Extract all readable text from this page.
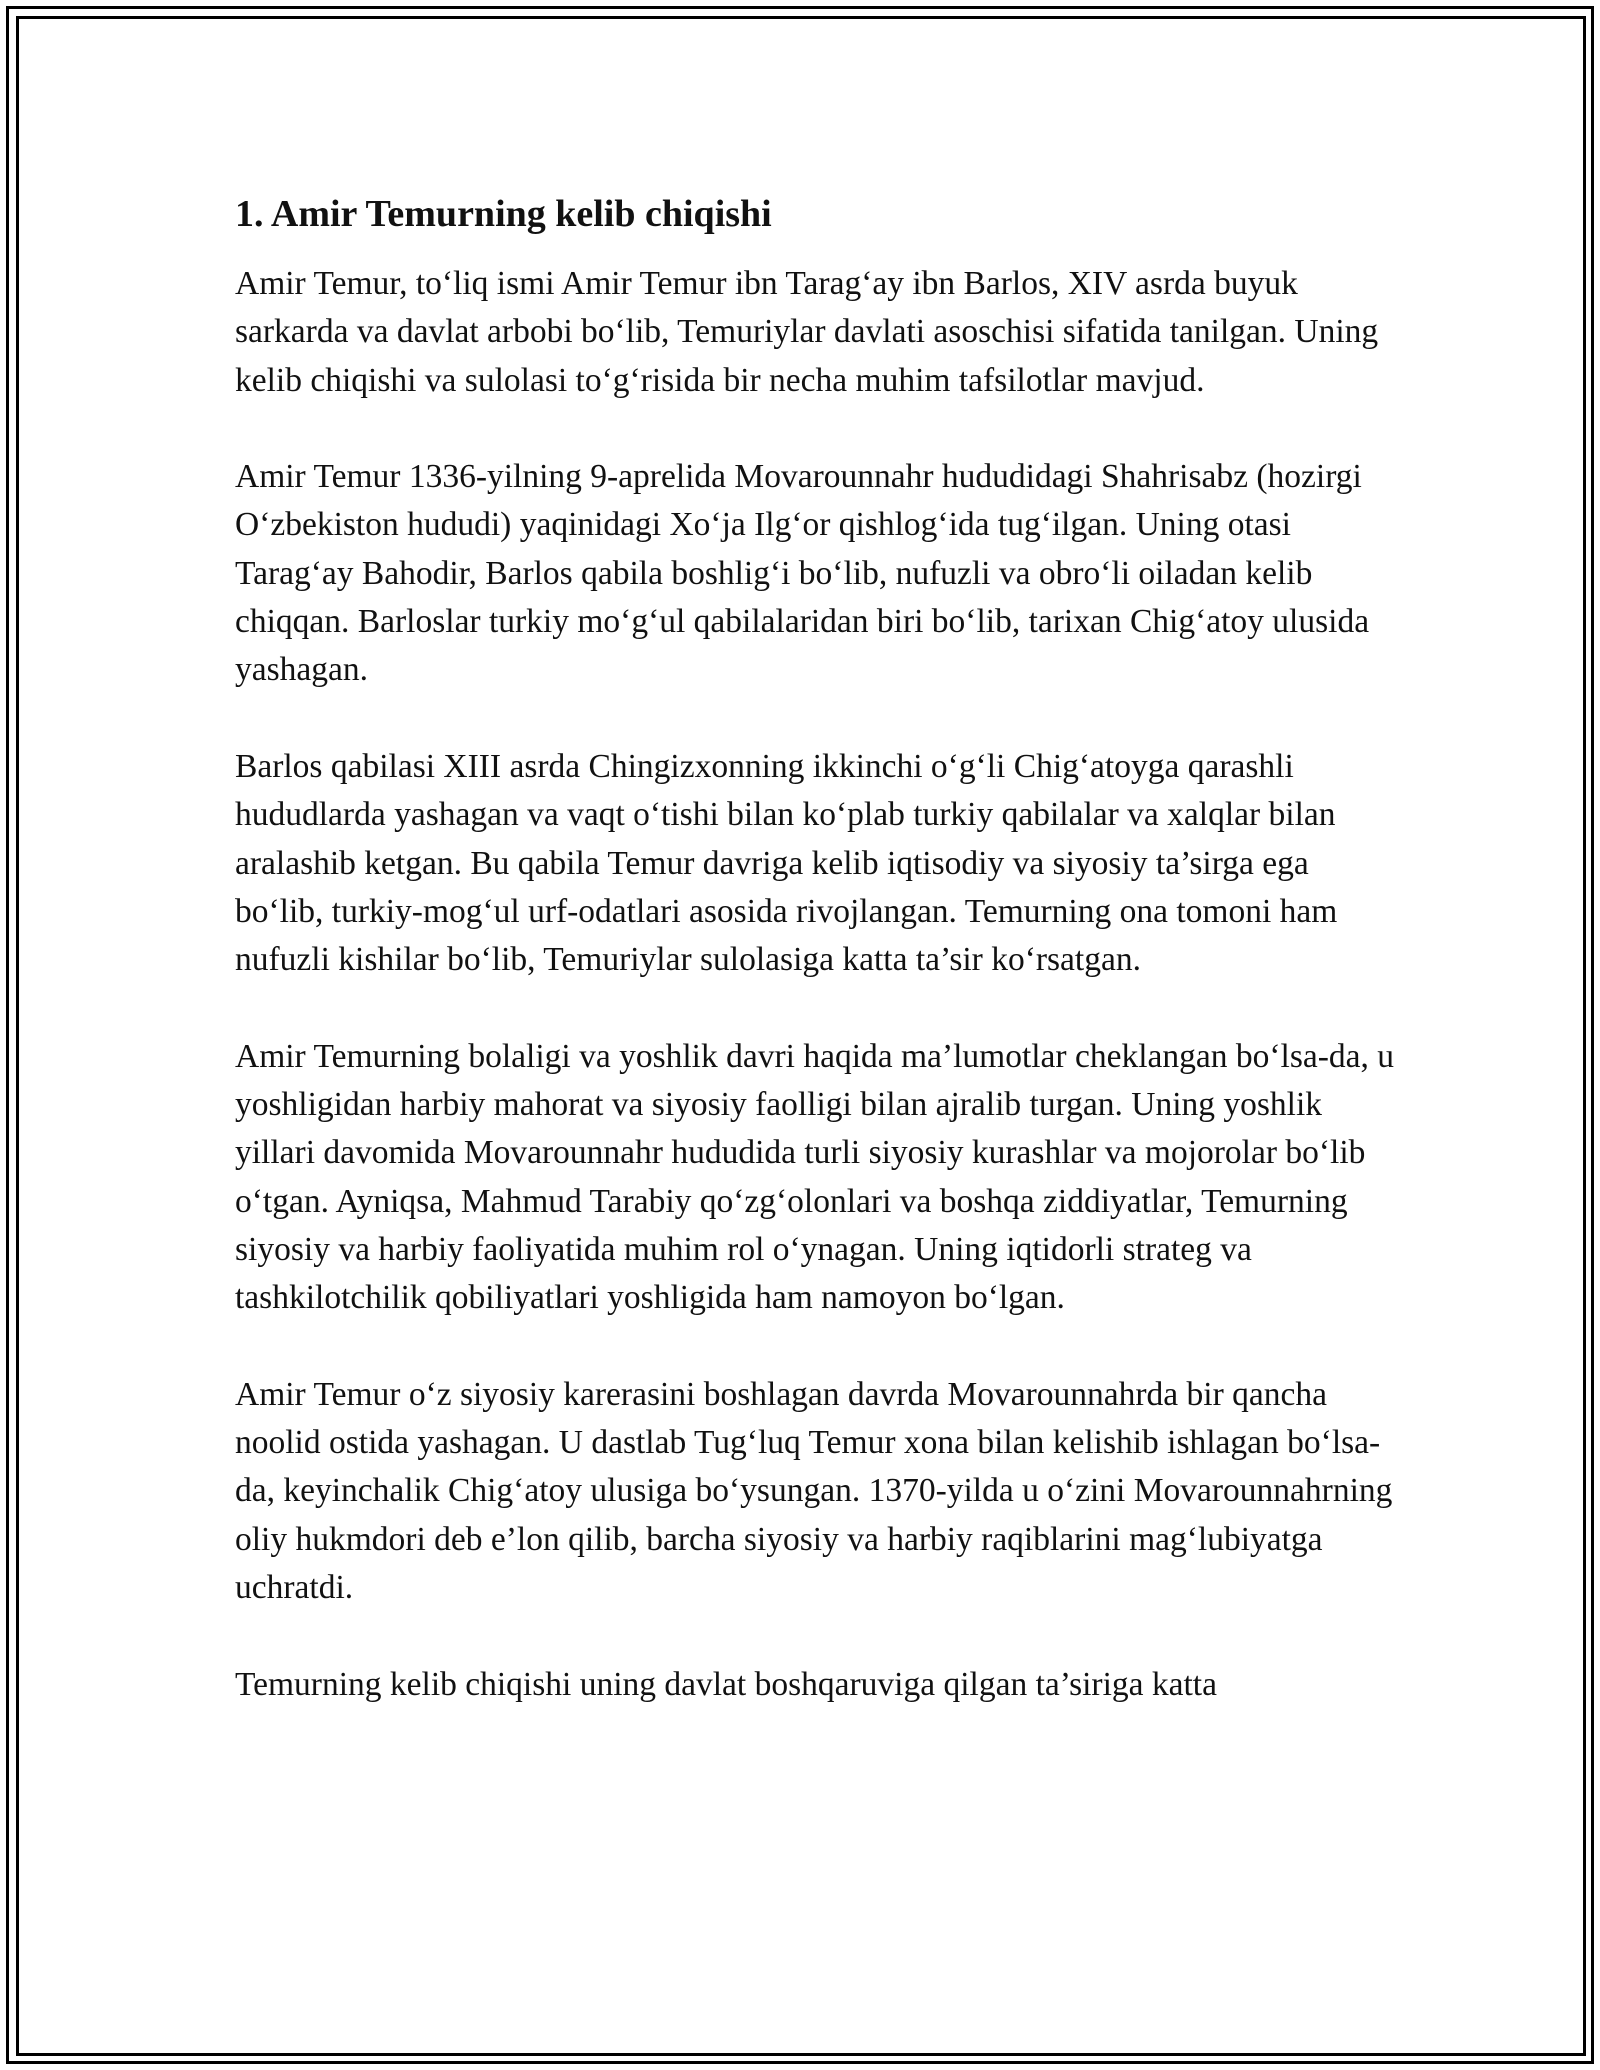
1. Amir Temurning kelib chiqishi

Amir Temur, to‘liq ismi Amir Temur ibn Tarag‘ay ibn Barlos, XIV asrda buyuk sarkarda va davlat arbobi bo‘lib, Temuriylar davlati asoschisi sifatida tanilgan. Uning kelib chiqishi va sulolasi to‘g‘risida bir necha muhim tafsilotlar mavjud.

Amir Temur 1336-yilning 9-aprelida Movarounnahr hududidagi Shahrisabz (hozirgi O‘zbekiston hududi) yaqinidagi Xo‘ja Ilg‘or qishlog‘ida tug‘ilgan. Uning otasi Tarag‘ay Bahodir, Barlos qabila boshlig‘i bo‘lib, nufuzli va obro‘li oiladan kelib chiqqan. Barloslar turkiy mo‘g‘ul qabilalaridan biri bo‘lib, tarixan Chig‘atoy ulusida yashagan.

Barlos qabilasi XIII asrda Chingizxonning ikkinchi o‘g‘li Chig‘atoyga qarashli hududlarda yashagan va vaqt o‘tishi bilan ko‘plab turkiy qabilalar va xalqlar bilan aralashib ketgan. Bu qabila Temur davriga kelib iqtisodiy va siyosiy ta’sirga ega bo‘lib, turkiy-mog‘ul urf-odatlari asosida rivojlangan. Temurning ona tomoni ham nufuzli kishilar bo‘lib, Temuriylar sulolasiga katta ta’sir ko‘rsatgan.

Amir Temurning bolaligi va yoshlik davri haqida ma’lumotlar cheklangan bo‘lsa-da, u yoshligidan harbiy mahorat va siyosiy faolligi bilan ajralib turgan. Uning yoshlik yillari davomida Movarounnahr hududida turli siyosiy kurashlar va mojorolar bo‘lib o‘tgan. Ayniqsa, Mahmud Tarabiy qo‘zg‘olonlari va boshqa ziddiyatlar, Temurning siyosiy va harbiy faoliyatida muhim rol o‘ynagan. Uning iqtidorli strateg va tashkilotchilik qobiliyatlari yoshligida ham namoyon bo‘lgan.

Amir Temur o‘z siyosiy karerasini boshlagan davrda Movarounnahrda bir qancha noolid ostida yashagan. U dastlab Tug‘luq Temur xona bilan kelishib ishlagan bo‘lsa-da, keyinchalik Chig‘atoy ulusiga bo‘ysungan. 1370-yilda u o‘zini Movarounnahrning oliy hukmdori deb e’lon qilib, barcha siyosiy va harbiy raqiblarini mag‘lubiyatga uchratdi.

Temurning kelib chiqishi uning davlat boshqaruviga qilgan ta’siriga katta
